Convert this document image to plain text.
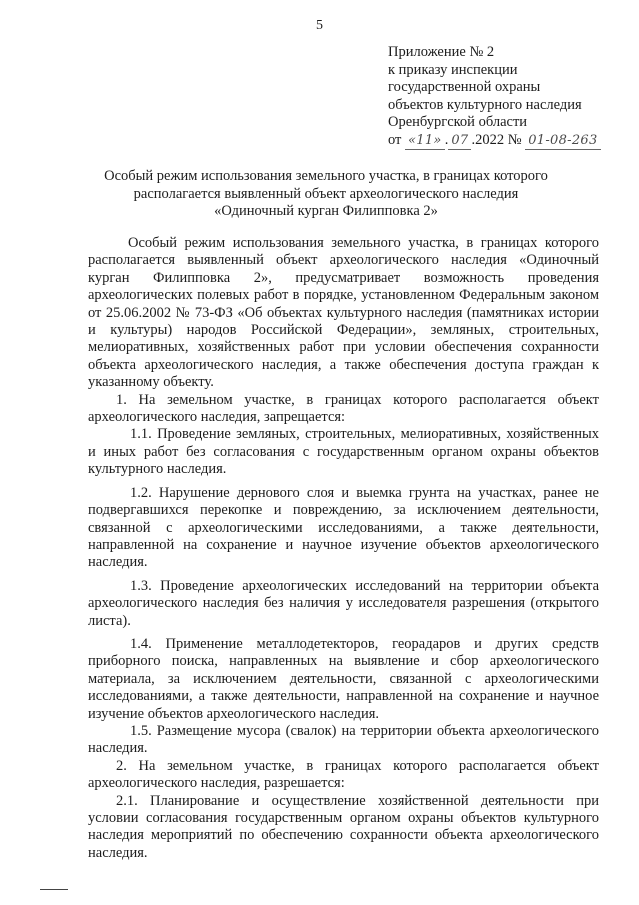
5
Приложение № 2
к приказу инспекции
государственной охраны
объектов культурного наследия
Оренбургской области
от «11» . 07 .2022 № 01-08-263
Особый режим использования земельного участка, в границах которого располагается выявленный объект археологического наследия «Одиночный курган Филипповка 2»

Особый режим использования земельного участка, в границах которого располагается выявленный объект археологического наследия «Одиночный курган Филипповка 2», предусматривает возможность проведения археологических полевых работ в порядке, установленном Федеральным законом от 25.06.2002 № 73-ФЗ «Об объектах культурного наследия (памятниках истории и культуры) народов Российской Федерации», земляных, строительных, мелиоративных, хозяйственных работ при условии обеспечения сохранности объекта археологического наследия, а также обеспечения доступа граждан к указанному объекту.

1. На земельном участке, в границах которого располагается объект археологического наследия, запрещается:

1.1. Проведение земляных, строительных, мелиоративных, хозяйственных и иных работ без согласования с государственным органом охраны объектов культурного наследия.

1.2. Нарушение дернового слоя и выемка грунта на участках, ранее не подвергавшихся перекопке и повреждению, за исключением деятельности, связанной с археологическими исследованиями, а также деятельности, направленной на сохранение и научное изучение объектов археологического наследия.

1.3. Проведение археологических исследований на территории объекта археологического наследия без наличия у исследователя разрешения (открытого листа).

1.4. Применение металлодетекторов, георадаров и других средств приборного поиска, направленных на выявление и сбор археологического материала, за исключением деятельности, связанной с археологическими исследованиями, а также деятельности, направленной на сохранение и научное изучение объектов археологического наследия.

1.5. Размещение мусора (свалок) на территории объекта археологического наследия.

2. На земельном участке, в границах которого располагается объект археологического наследия, разрешается:

2.1. Планирование и осуществление хозяйственной деятельности при условии согласования государственным органом охраны объектов культурного наследия мероприятий по обеспечению сохранности объекта археологического наследия.
